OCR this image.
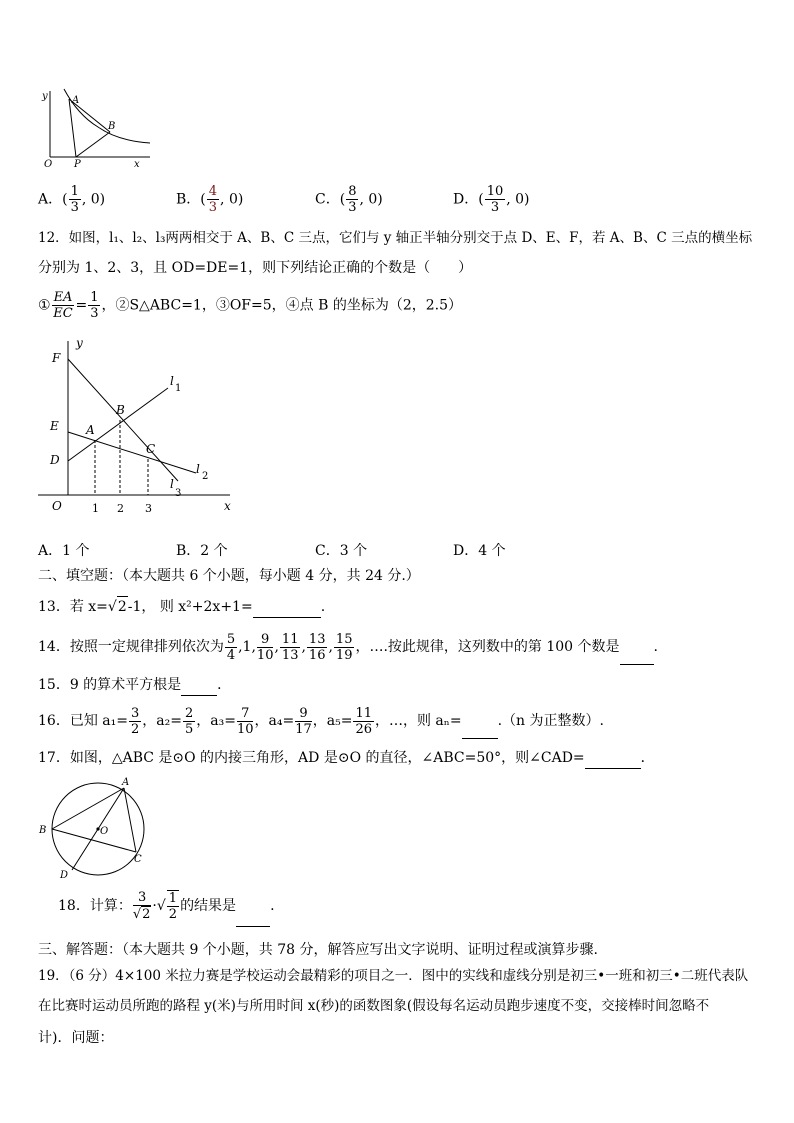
y A
B
O P	x
A．( $\frac{1}{3}$ , 0)	B．( $\frac{4}{3}$ , 0)	C．( $\frac{8}{3}$ , 0)	D．( $\frac{10}{3}$ , 0)
12．如图，l₁、l₂、l₃两两相交于 A、B、C 三点，它们与 y 轴正半轴分别交于点 D、E、F，若 A、B、C 三点的横坐标
分别为 1、2、3，且 OD=DE=1，则下列结论正确的个数是（　　）
① $\frac{EA}{EC} = \frac{1}{3}$ ，②S△ABC=1，③OF=5，④点 B 的坐标为（2，2.5）
y
F
E
D
A
B
C
O	x
l
1
l
2
l
3
1 2 3
A．1 个	B．2 个	C．3 个	D．4 个
二、填空题：（本大题共 6 个小题，每小题 4 分，共 24 分.）
13．若 x=√2-1， 则 x²+2x+1=	.
14．按照一定规律排列依次为 $\frac{5}{4} ,1$, $\frac{9}{10}$ , $\frac{11}{13}$ , $\frac{13}{16}$ , $\frac{15}{19}$ ，….按此规律，这列数中的第 100 个数是 .
15．9 的算术平方根是	．
16．已知 $a_1= \frac{3}{2}$ ，$a_2= \frac{2}{5}$ ，$a_3= \frac{7}{10}$ ，$a_4= \frac{9}{17}$ ，$a_5= \frac{11}{26}$ ，…，则 aₙ=	.（n 为正整数）.
17．如图，△ABC 是⊙O 的内接三角形，AD 是⊙O 的直径，∠ABC=50°，则∠CAD=	．
A
B	O
D
C
18．计算： $\frac{3}{√2}$ ·√ $\frac{1}{2}$ 的结果是 .
三、解答题：（本大题共 9 个小题，共 78 分，解答应写出文字说明、证明过程或演算步骤.
19．（6 分）4×100 米拉力赛是学校运动会最精彩的项目之一．图中的实线和虚线分别是初三•一班和初三•二班代表队
在比赛时运动员所跑的路程 y(米)与所用时间 x(秒)的函数图象(假设每名运动员跑步速度不变，交接棒时间忽略不
计)．问题：
